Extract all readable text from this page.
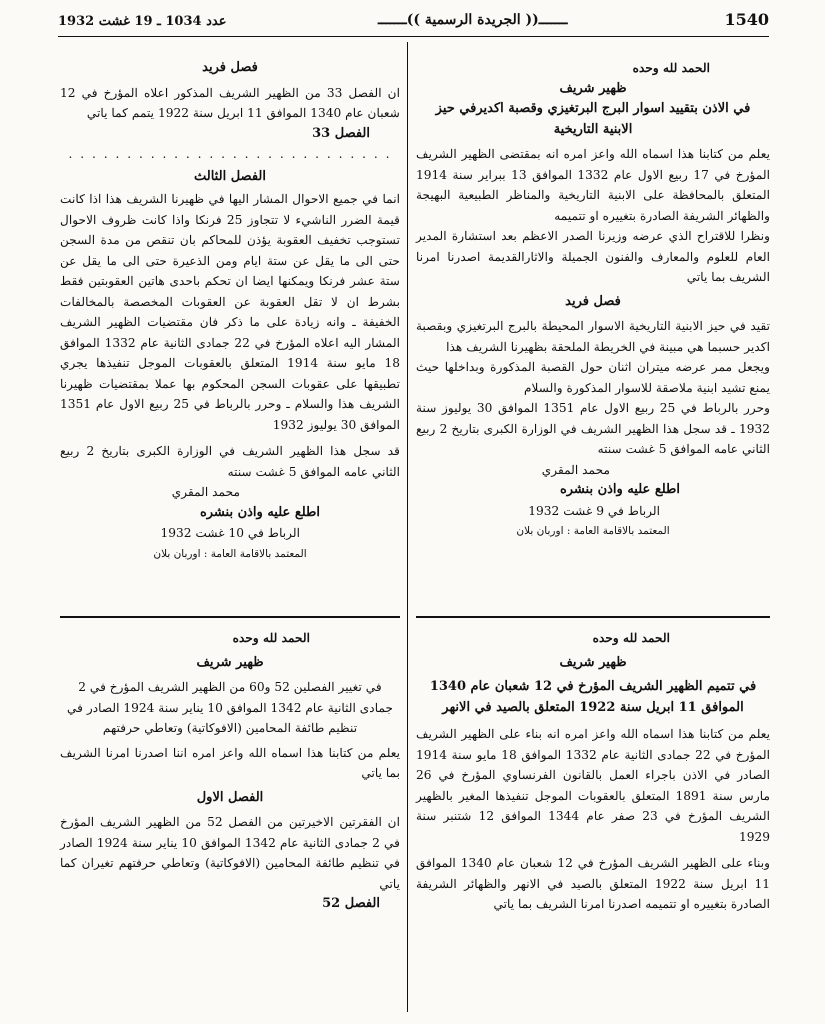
عدد 1034 ـ 19 غشت 1932	ـــــــ(( الجريدة الرسمية ))ـــــــ	1540

الحمد لله وحده

ظهير شريف

في الاذن بتقييد اسوار البرج البرتغيزي وقصبة اكديرفي حيز الابنية التاريخية

يعلم من كتابنا هذا اسماه الله واعز امره انه بمقتضى الظهير الشريف المؤرخ في 17 ربيع الاول عام 1332 الموافق 13 ببراير سنة 1914 المتعلق بالمحافظة على الابنية التاريخية والمناظر الطبيعية البهيجة والظهائر الشريفة الصادرة بتغييره او تتميمه

ونظرا للاقتراح الذي عرضه وزيرنا الصدر الاعظم بعد استشارة المدير العام للعلوم والمعارف والفنون الجميلة والاثارالقديمة اصدرنا امرنا الشريف بما ياتي

فصل فريد

تقيد في حيز الابنية التاريخية الاسوار المحيطة بالبرج البرتغيزي وبقصبة اكدير حسبما هي مبينة في الخريطة الملحقة بظهيرنا الشريف هذا

ويجعل ممر عرضه ميتران اثنان حول القصبة المذكورة وبداخلها حيث يمنع تشيد ابنية ملاصقة للاسوار المذكورة والسلام

وحرر بالرباط في 25 ربيع الاول عام 1351 الموافق 30 يوليوز سنة 1932 ـ قد سجل هذا الظهير الشريف في الوزارة الكبرى بتاريخ 2 ربيع الثاني عامه الموافق 5 غشت سنته

محمد المقري

اطلع عليه واذن بنشره

الرباط في 9 غشت 1932

المعتمد بالاقامة العامة : اوربان بلان

فصل فريد

ان الفصل 33 من الظهير الشريف المذكور اعلاه المؤرخ في 12 شعبان عام 1340 الموافق 11 ابريل سنة 1922 يتمم كما ياتي

الفصل 33

. . . . . . . . . . . . . . . . . . . . . . . . . . . .

الفصل الثالث

انما في جميع الاحوال المشار اليها في ظهيرنا الشريف هذا اذا كانت قيمة الضرر الناشيء لا تتجاوز 25 فرنكا واذا كانت ظروف الاحوال تستوجب تخفيف العقوبة يؤذن للمحاكم بان تنقص من مدة السجن حتى الى ما يقل عن ستة ايام ومن الذعيرة حتى الى ما يقل عن ستة عشر فرنكا ويمكنها ايضا ان تحكم باحدى هاتين العقوبتين فقط بشرط ان لا تقل العقوبة عن العقوبات المخصصة بالمخالفات الخفيفة ـ وانه زيادة على ما ذكر فان مقتضيات الظهير الشريف المشار اليه اعلاه المؤرخ في 22 جمادى الثانية عام 1332 الموافق 18 مايو سنة 1914 المتعلق بالعقوبات الموجل تنفيذها يجري تطبيقها على عقوبات السجن المحكوم بها عملا بمقتضيات ظهيرنا الشريف هذا والسلام ـ وحرر بالرباط في 25 ربيع الاول عام 1351 الموافق 30 يوليوز 1932

قد سجل هذا الظهير الشريف في الوزارة الكبرى بتاريخ 2 ربيع الثاني عامه الموافق 5 غشت سنته

محمد المقري

اطلع عليه واذن بنشره

الرباط في 10 غشت 1932

المعتمد بالاقامة العامة : اوربان بلان

الحمد لله وحده

ظهير شريف

في تتميم الظهير الشريف المؤرخ في 12 شعبان عام 1340 الموافق 11 ابريل سنة 1922 المتعلق بالصيد في الانهر

يعلم من كتابنا هذا اسماه الله واعز امره انه بناء على الظهير الشريف المؤرخ في 22 جمادى الثانية عام 1332 الموافق 18 مايو سنة 1914 الصادر في الاذن باجراء العمل بالقانون الفرنساوي المؤرخ في 26 مارس سنة 1891 المتعلق بالعقوبات الموجل تنفيذها المغير بالظهير الشريف المؤرخ في 23 صفر عام 1344 الموافق 12 شتنبر سنة 1929

وبناء على الظهير الشريف المؤرخ في 12 شعبان عام 1340 الموافق 11 ابريل سنة 1922 المتعلق بالصيد في الانهر والظهائر الشريفة الصادرة بتغييره او تتميمه اصدرنا امرنا الشريف بما ياتي

الحمد لله وحده

ظهير شريف

في تغيير الفصلين 52 و60 من الظهير الشريف المؤرخ في 2 جمادى الثانية عام 1342 الموافق 10 يناير سنة 1924 الصادر في تنظيم طائفة المحامين (الافوكاتية) وتعاطي حرفتهم

يعلم من كتابنا هذا اسماه الله واعز امره اننا اصدرنا امرنا الشريف بما ياتي

الفصل الاول

ان الفقرتين الاخيرتين من الفصل 52 من الظهير الشريف المؤرخ في 2 جمادى الثانية عام 1342 الموافق 10 يناير سنة 1924 الصادر في تنظيم طائفة المحامين (الافوكاتية) وتعاطي حرفتهم تغيران كما ياتي

الفصل 52
